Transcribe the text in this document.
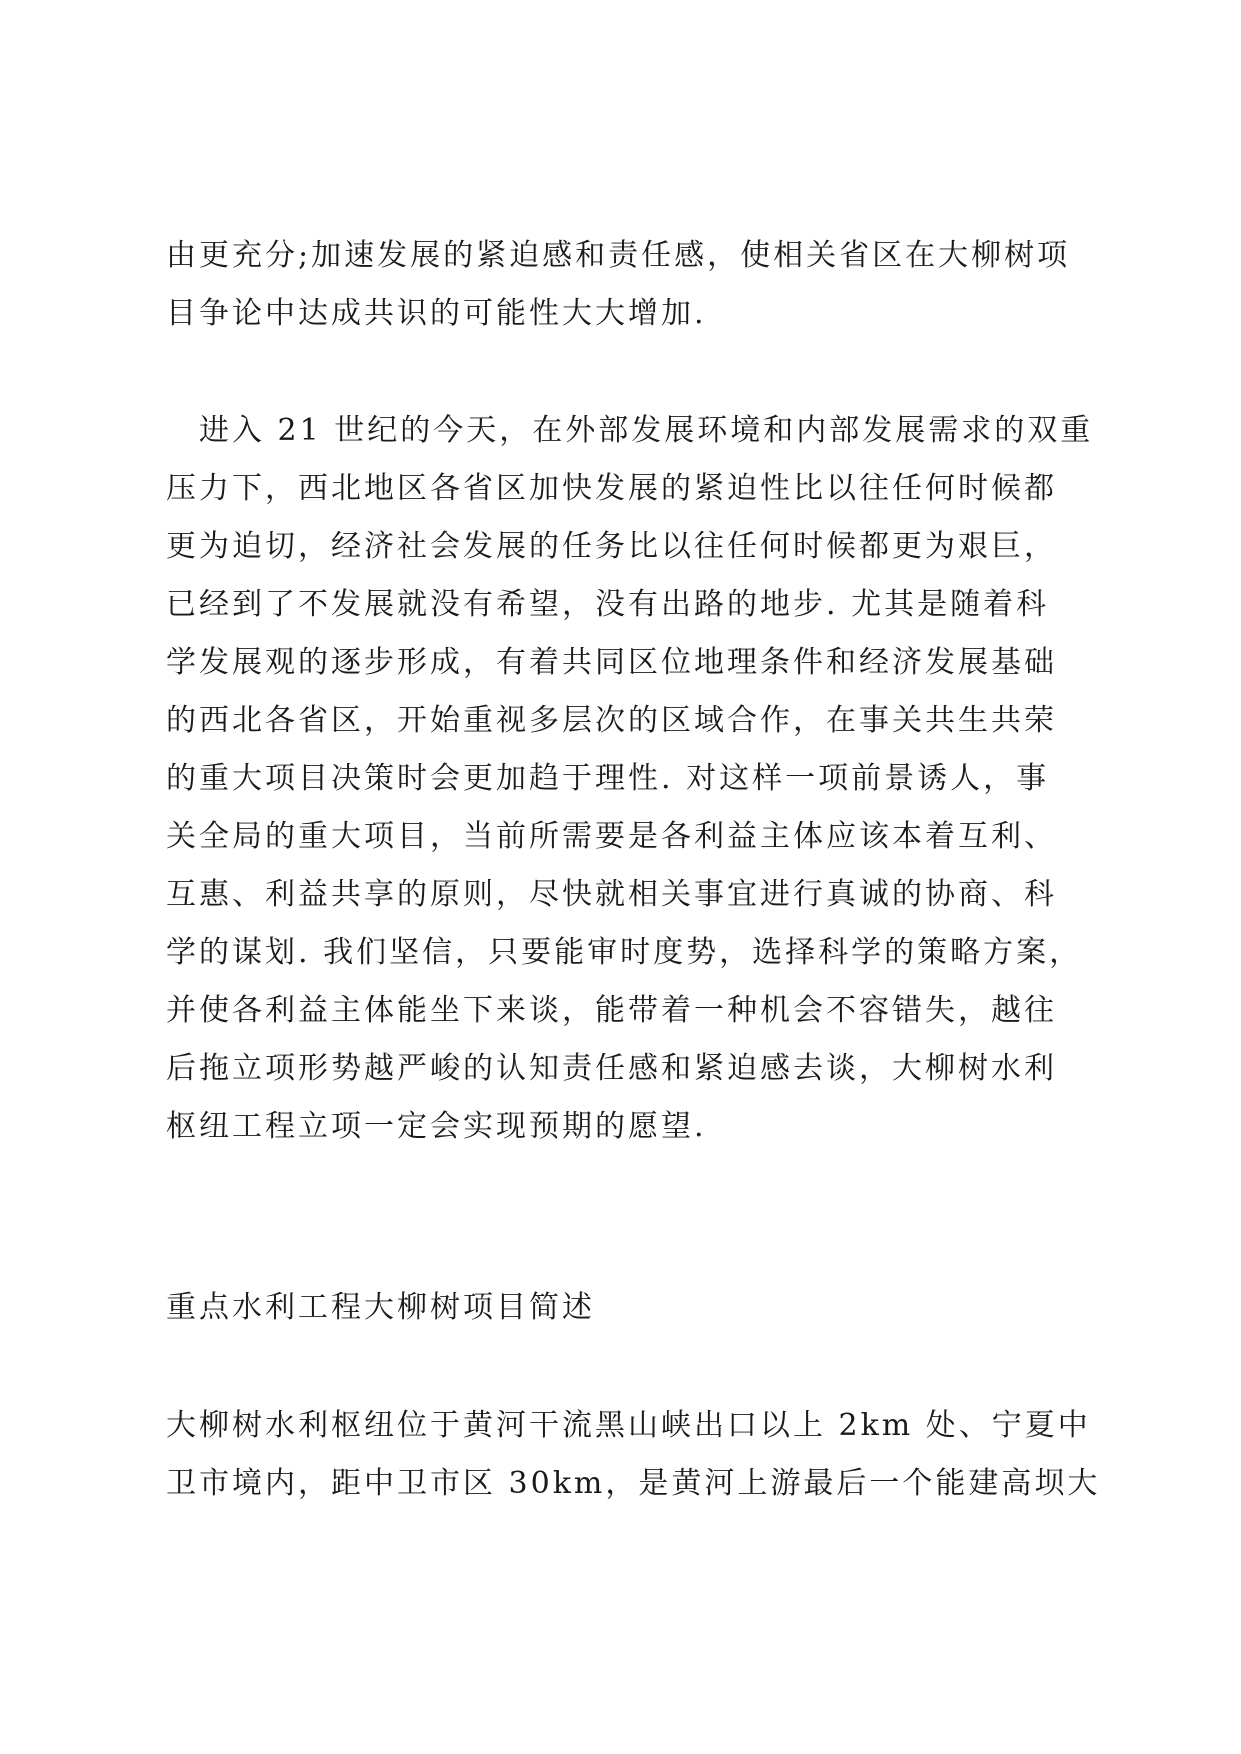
由更充分;加速发展的紧迫感和责任感，使相关省区在大柳树项
目争论中达成共识的可能性大大增加.
　进入 21 世纪的今天，在外部发展环境和内部发展需求的双重
压力下，西北地区各省区加快发展的紧迫性比以往任何时候都
更为迫切，经济社会发展的任务比以往任何时候都更为艰巨，
已经到了不发展就没有希望，没有出路的地步. 尤其是随着科
学发展观的逐步形成，有着共同区位地理条件和经济发展基础
的西北各省区，开始重视多层次的区域合作，在事关共生共荣
的重大项目决策时会更加趋于理性. 对这样一项前景诱人，事
关全局的重大项目，当前所需要是各利益主体应该本着互利、
互惠、利益共享的原则，尽快就相关事宜进行真诚的协商、科
学的谋划. 我们坚信，只要能审时度势，选择科学的策略方案，
并使各利益主体能坐下来谈，能带着一种机会不容错失，越往
后拖立项形势越严峻的认知责任感和紧迫感去谈，大柳树水利
枢纽工程立项一定会实现预期的愿望.
重点水利工程大柳树项目简述
大柳树水利枢纽位于黄河干流黑山峡出口以上 2km 处、宁夏中
卫市境内，距中卫市区 30km，是黄河上游最后一个能建高坝大
